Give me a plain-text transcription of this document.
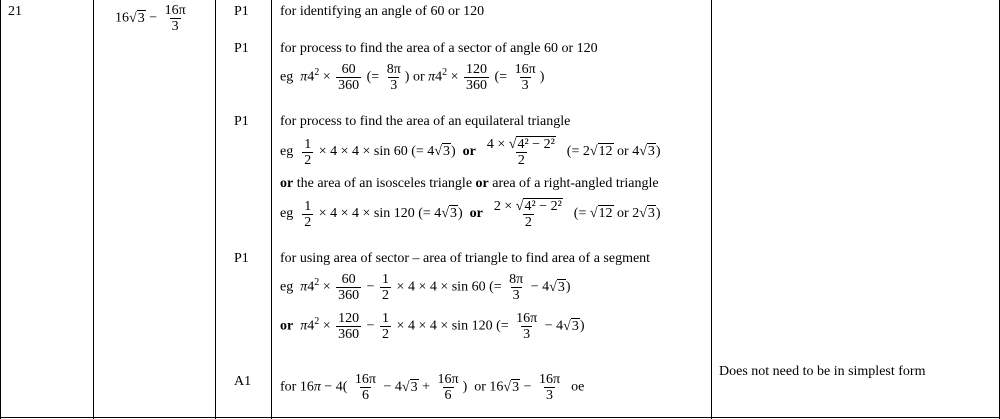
21	$16√3 - \frac{16\pi}{3}$	P1
P1
P1
P1
A1
for identifying an angle of 60 or 120
for process to find the area of a sector of angle 60 or 120
eg $\pi 4^2 \times \frac{60}{360}$ (= $\frac{8\pi}{3}$ ) or $\pi 4^2 \times \frac{120}{360}$ (= $\frac{16\pi}{3}$ )
for process to find the area of an equilateral triangle
eg $\frac{1}{2} \times 4 \times 4 \times \sin 60$ (= 4√3)  or $\frac{\text{4 × √4² − 2²}}{2}$ (= 2√12 or 4√3)
or the area of an isosceles triangle or area of a right-angled triangle
eg $\frac{1}{2} \times 4 \times 4 \times \sin 120$ (= 4√3)  or $\frac{\text{2 × √4² − 2²}}{2}$ (= √12 or 2√3)
for using area of sector – area of triangle to find area of a segment
eg $\pi 4^2 \times \frac{60}{360} - \frac{1}{2} \times 4 \times 4 \times \sin 60$ (= $\frac{8\pi}{3} - 4√3$)
or $\pi 4^2 \times \frac{120}{360} - \frac{1}{2} \times 4 \times 4 \times \sin 120$ (= $\frac{16\pi}{3} - 4√3$)
for $16\pi - 4( \frac{16\pi}{6} - 4√3 + \frac{16\pi}{6}$ )  or $16√3 - \frac{16\pi}{3}$ oe
Does not need to be in simplest form
